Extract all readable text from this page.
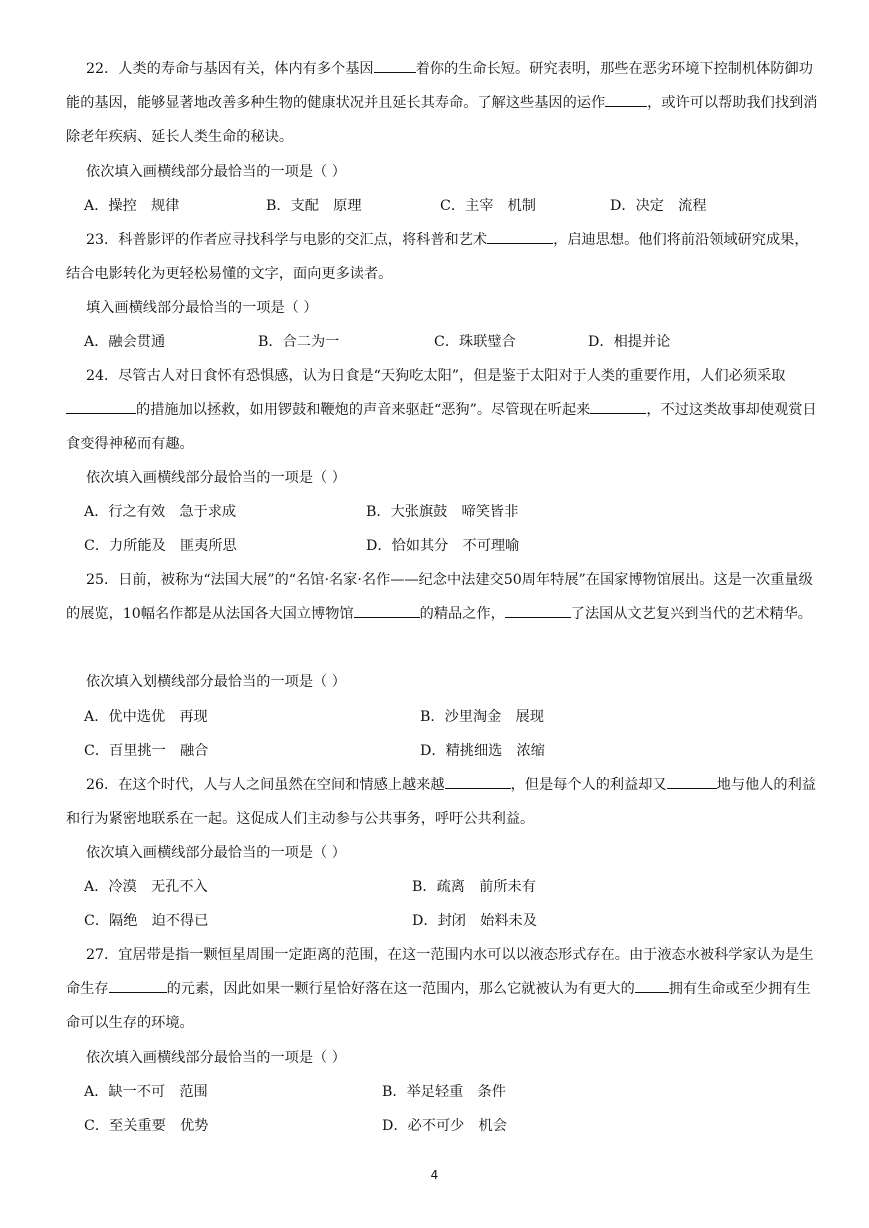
22．人类的寿命与基因有关，体内有多个基因	着你的生命长短。研究表明，那些在恶劣环境下控制机体防御功能的基因，能够显著地改善多种生物的健康状况并且延长其寿命。了解这些基因的运作	，或许可以帮助我们找到消除老年疾病、延长人类生命的秘诀。

依次填入画横线部分最恰当的一项是（ ）
A．操控　规律	B．支配　原理	C．主宰　机制	D．决定　流程

23．科普影评的作者应寻找科学与电影的交汇点，将科普和艺术	，启迪思想。他们将前沿领域研究成果，结合电影转化为更轻松易懂的文字，面向更多读者。

填入画横线部分最恰当的一项是（ ）
A．融会贯通	B．合二为一	C．珠联璧合	D．相提并论

24．尽管古人对日食怀有恐惧感，认为日食是“天狗吃太阳”，但是鉴于太阳对于人类的重要作用，人们必须采取的措施加以拯救，如用锣鼓和鞭炮的声音来驱赶“恶狗”。尽管现在听起来	，不过这类故事却使观赏日食变得神秘而有趣。

依次填入画横线部分最恰当的一项是（ ）
A．行之有效　急于求成	B．大张旗鼓　啼笑皆非
C．力所能及　匪夷所思	D．恰如其分　不可理喻

25．日前，被称为“法国大展”的“名馆·名家·名作——纪念中法建交50周年特展”在国家博物馆展出。这是一次重量级的展览，10幅名作都是从法国各大国立博物馆	的精品之作，	了法国从文艺复兴到当代的艺术精华。

依次填入划横线部分最恰当的一项是（ ）
A．优中选优　再现	B．沙里淘金　展现
C．百里挑一　融合	D．精挑细选　浓缩

26．在这个时代，人与人之间虽然在空间和情感上越来越	，但是每个人的利益却又	地与他人的利益和行为紧密地联系在一起。这促成人们主动参与公共事务，呼吁公共利益。

依次填入画横线部分最恰当的一项是（ ）
A．冷漠　无孔不入	B．疏离　前所未有
C．隔绝　迫不得已	D．封闭　始料未及

27．宜居带是指一颗恒星周围一定距离的范围，在这一范围内水可以以液态形式存在。由于液态水被科学家认为是生命生存	的元素，因此如果一颗行星恰好落在这一范围内，那么它就被认为有更大的 拥有生命或至少拥有生命可以生存的环境。

依次填入画横线部分最恰当的一项是（ ）
A．缺一不可　范围	B．举足轻重　条件
C．至关重要　优势	D．必不可少　机会
4
